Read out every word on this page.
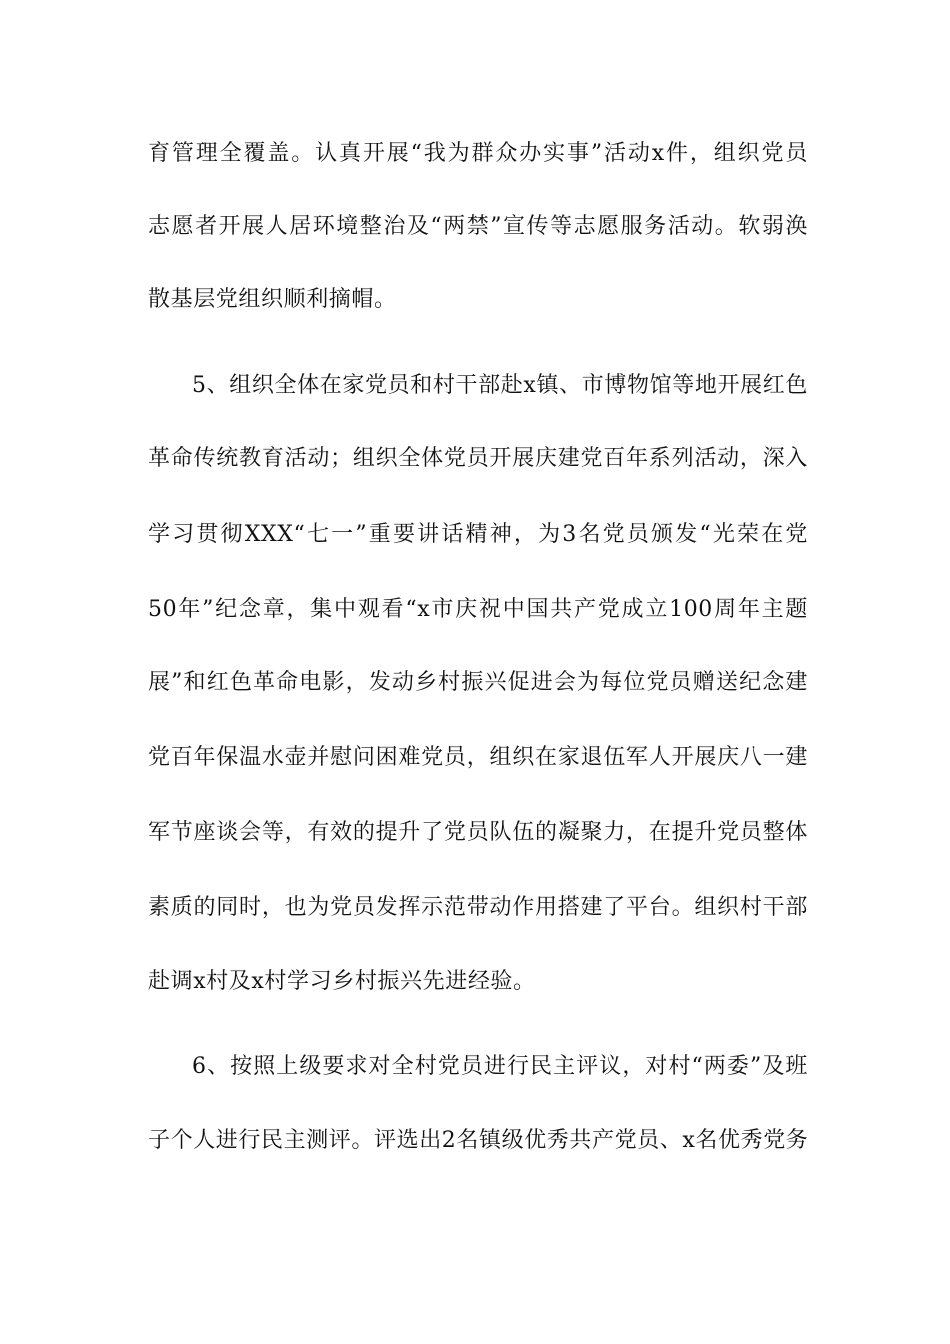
育管理全覆盖。认真开展“我为群众办实事”活动x件，组织党员
志愿者开展人居环境整治及“两禁”宣传等志愿服务活动。软弱涣
散基层党组织顺利摘帽。
5、组织全体在家党员和村干部赴x镇、市博物馆等地开展红色
革命传统教育活动；组织全体党员开展庆建党百年系列活动，深入
学习贯彻XXX“七一”重要讲话精神，为3名党员颁发“光荣在党
50年”纪念章，集中观看“x市庆祝中国共产党成立100周年主题
展”和红色革命电影，发动乡村振兴促进会为每位党员赠送纪念建
党百年保温水壶并慰问困难党员，组织在家退伍军人开展庆八一建
军节座谈会等，有效的提升了党员队伍的凝聚力，在提升党员整体
素质的同时，也为党员发挥示范带动作用搭建了平台。组织村干部
赴调x村及x村学习乡村振兴先进经验。
6、按照上级要求对全村党员进行民主评议，对村“两委”及班
子个人进行民主测评。评选出2名镇级优秀共产党员、x名优秀党务
